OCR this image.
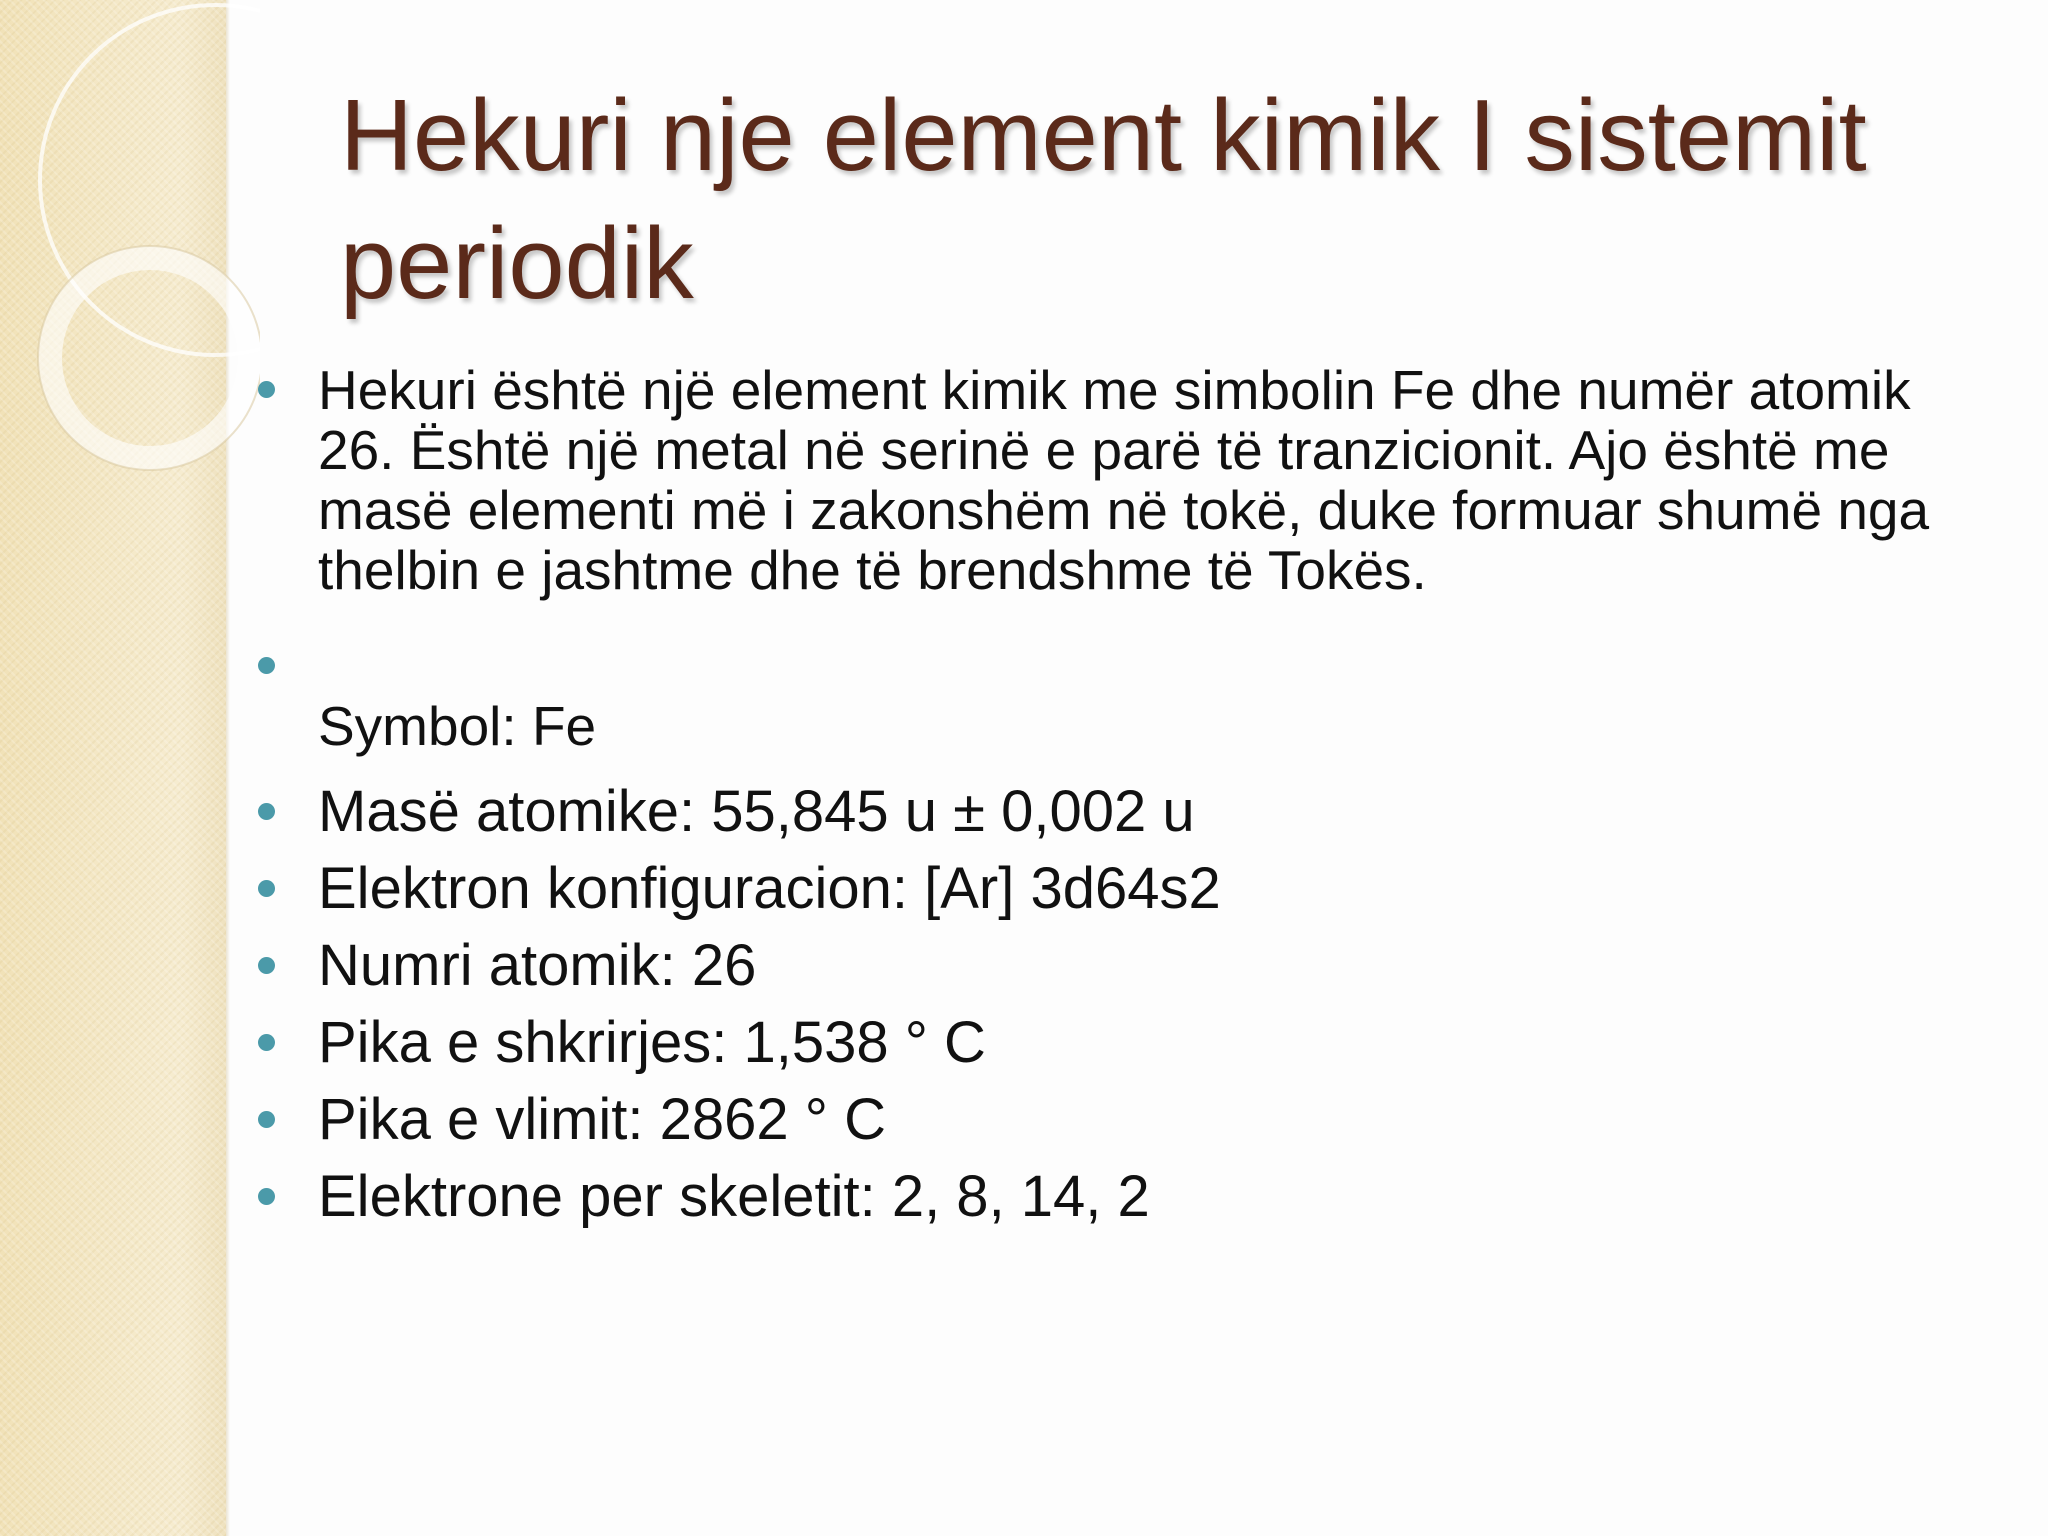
Hekuri nje element kimik I sistemit periodik
Hekuri është një element kimik me simbolin Fe dhe numër atomik 26. Është një metal në serinë e parë të tranzicionit. Ajo është me masë elementi më i zakonshëm në tokë, duke formuar shumë nga thelbin e jashtme dhe të brendshme të Tokës.
Symbol: Fe
Masë atomike: 55,845 u ± 0,002 u
Elektron konfiguracion: [Ar] 3d64s2
Numri atomik: 26
Pika e shkrirjes: 1,538 ° C
Pika e vlimit: 2862 ° C
Elektrone per skeletit: 2, 8, 14, 2
